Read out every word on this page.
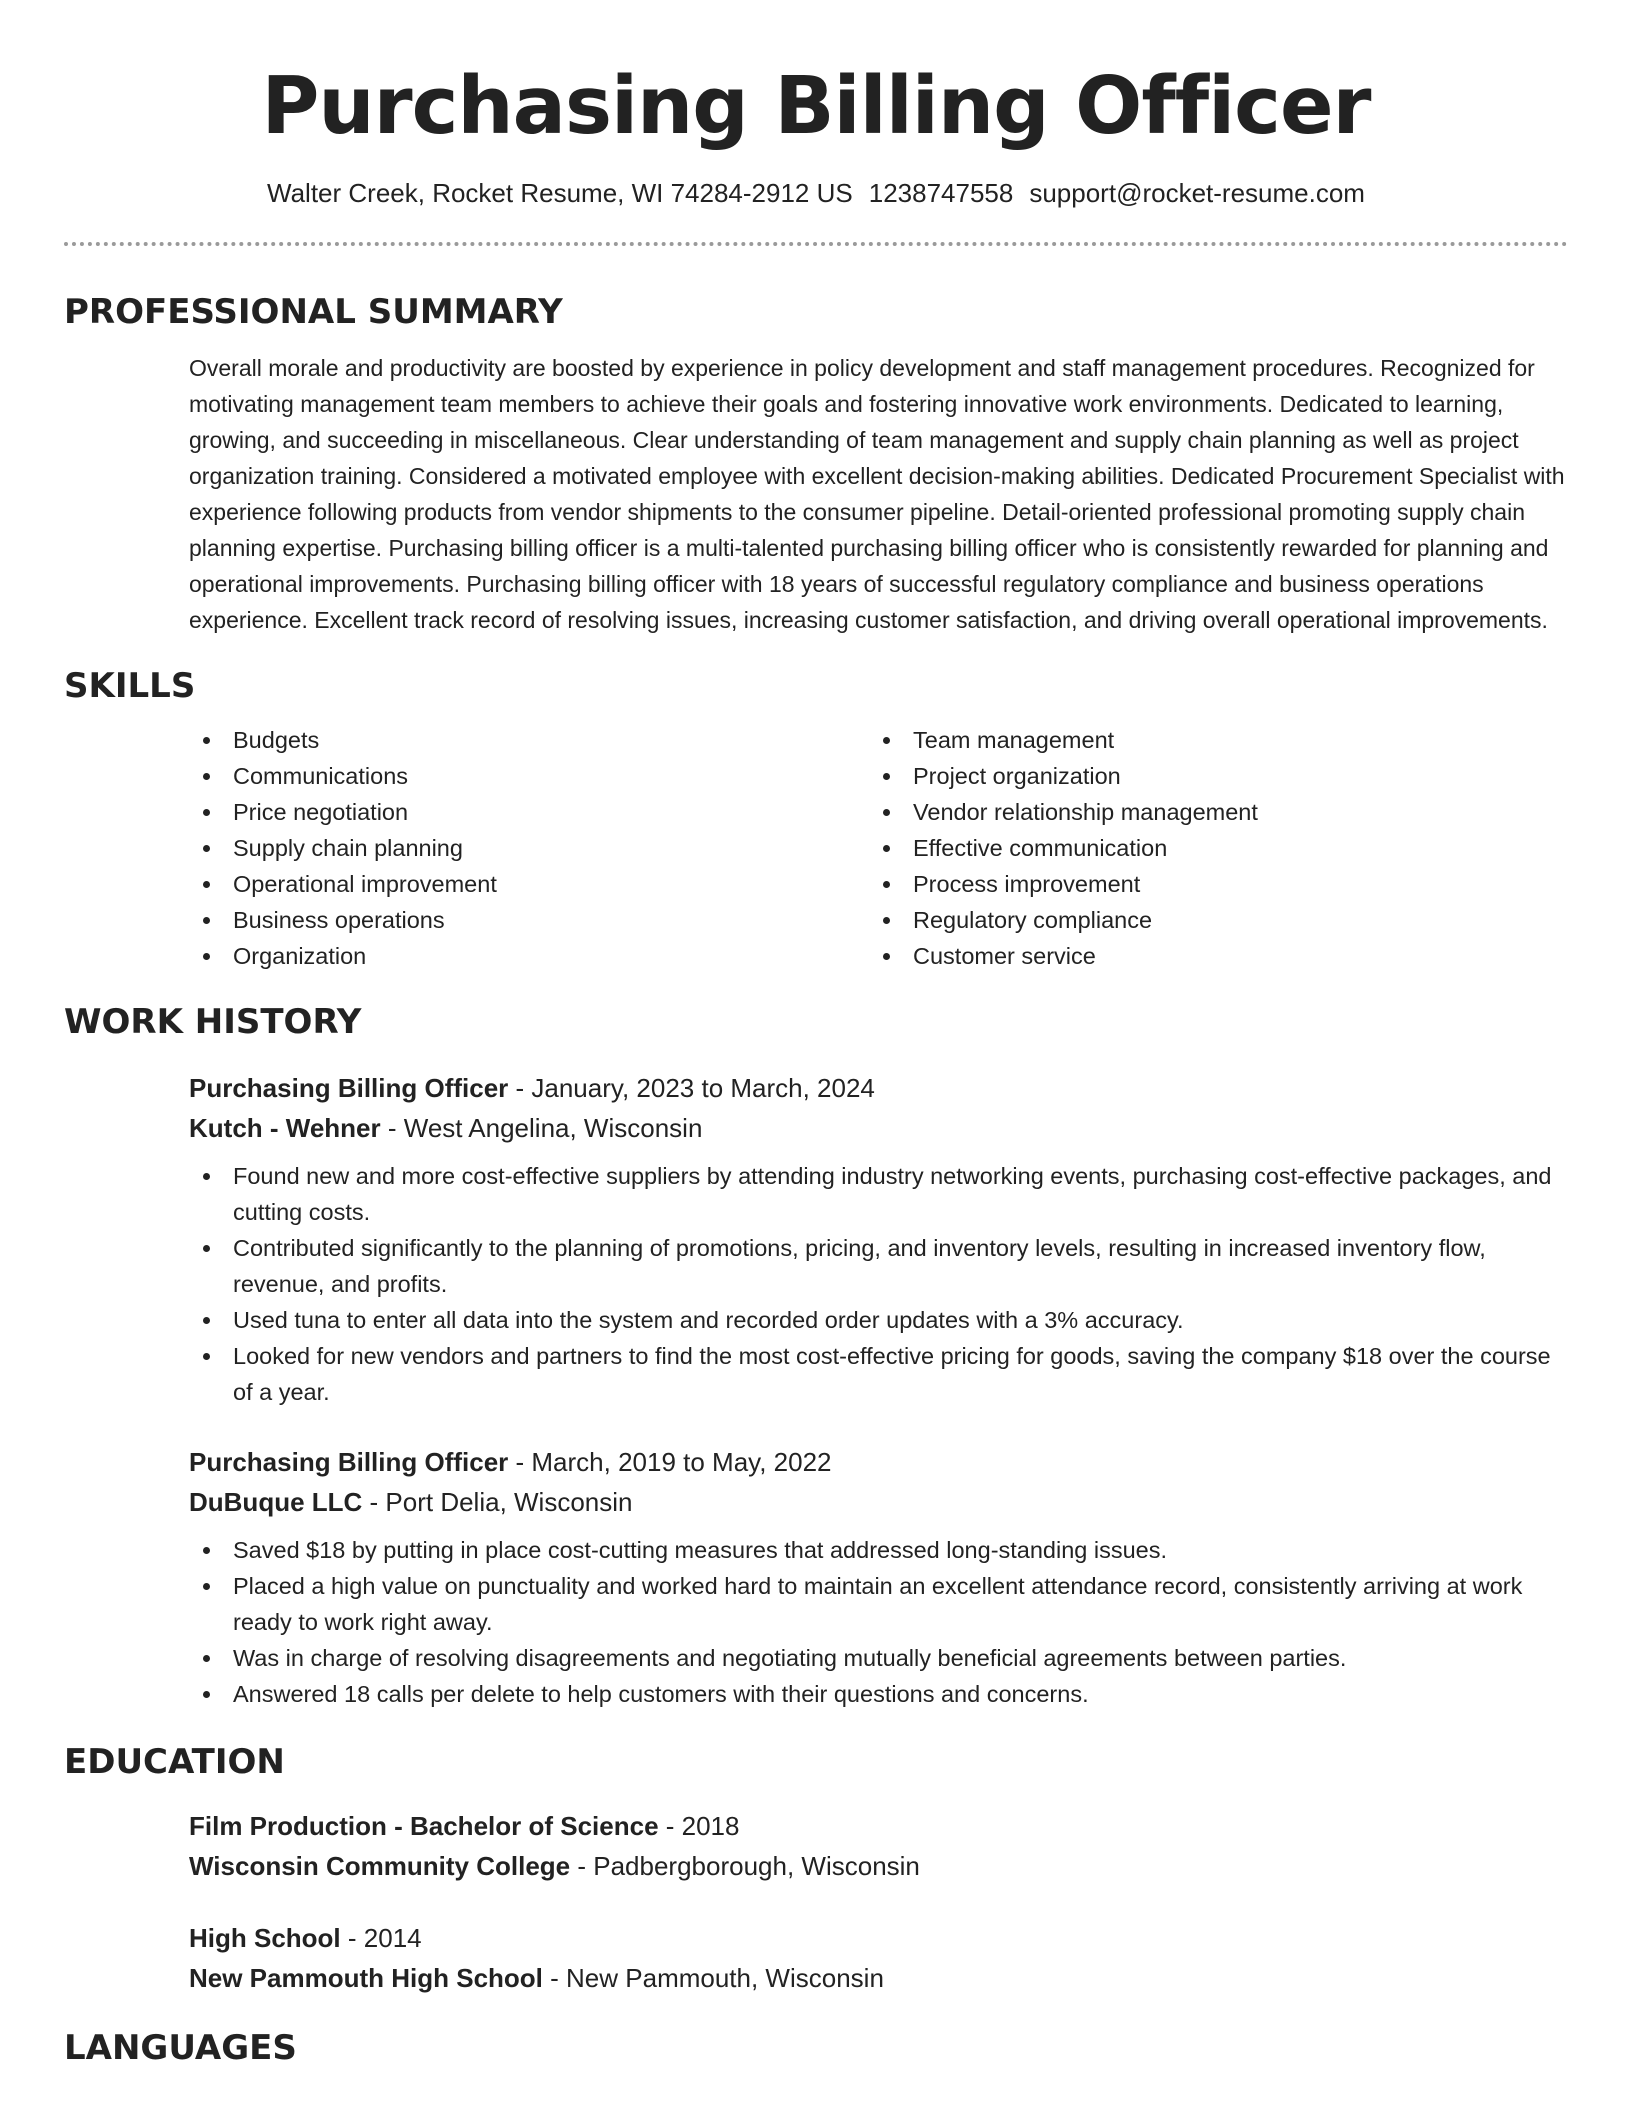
Purchasing Billing Officer
Walter Creek, Rocket Resume, WI 74284-2912 US 1238747558 support@rocket-resume.com
PROFESSIONAL SUMMARY

Overall morale and productivity are boosted by experience in policy development and staff management procedures. Recognized for motivating management team members to achieve their goals and fostering innovative work environments. Dedicated to learning, growing, and succeeding in miscellaneous. Clear understanding of team management and supply chain planning as well as project organization training. Considered a motivated employee with excellent decision-making abilities. Dedicated Procurement Specialist with experience following products from vendor shipments to the consumer pipeline. Detail-oriented professional promoting supply chain planning expertise. Purchasing billing officer is a multi-talented purchasing billing officer who is consistently rewarded for planning and operational improvements. Purchasing billing officer with 18 years of successful regulatory compliance and business operations experience. Excellent track record of resolving issues, increasing customer satisfaction, and driving overall operational improvements.

SKILLS
Budgets
Communications
Price negotiation
Supply chain planning
Operational improvement
Business operations
Organization
Team management
Project organization
Vendor relationship management
Effective communication
Process improvement
Regulatory compliance
Customer service
WORK HISTORY
Purchasing Billing Officer - January, 2023 to March, 2024
Kutch - Wehner - West Angelina, Wisconsin
Found new and more cost-effective suppliers by attending industry networking events, purchasing cost-effective packages, and cutting costs.
Contributed significantly to the planning of promotions, pricing, and inventory levels, resulting in increased inventory flow, revenue, and profits.
Used tuna to enter all data into the system and recorded order updates with a 3% accuracy.
Looked for new vendors and partners to find the most cost-effective pricing for goods, saving the company $18 over the course of a year.
Purchasing Billing Officer - March, 2019 to May, 2022
DuBuque LLC - Port Delia, Wisconsin
Saved $18 by putting in place cost-cutting measures that addressed long-standing issues.
Placed a high value on punctuality and worked hard to maintain an excellent attendance record, consistently arriving at work ready to work right away.
Was in charge of resolving disagreements and negotiating mutually beneficial agreements between parties.
Answered 18 calls per delete to help customers with their questions and concerns.
EDUCATION
Film Production - Bachelor of Science - 2018
Wisconsin Community College - Padbergborough, Wisconsin
High School - 2014
New Pammouth High School - New Pammouth, Wisconsin
LANGUAGES
